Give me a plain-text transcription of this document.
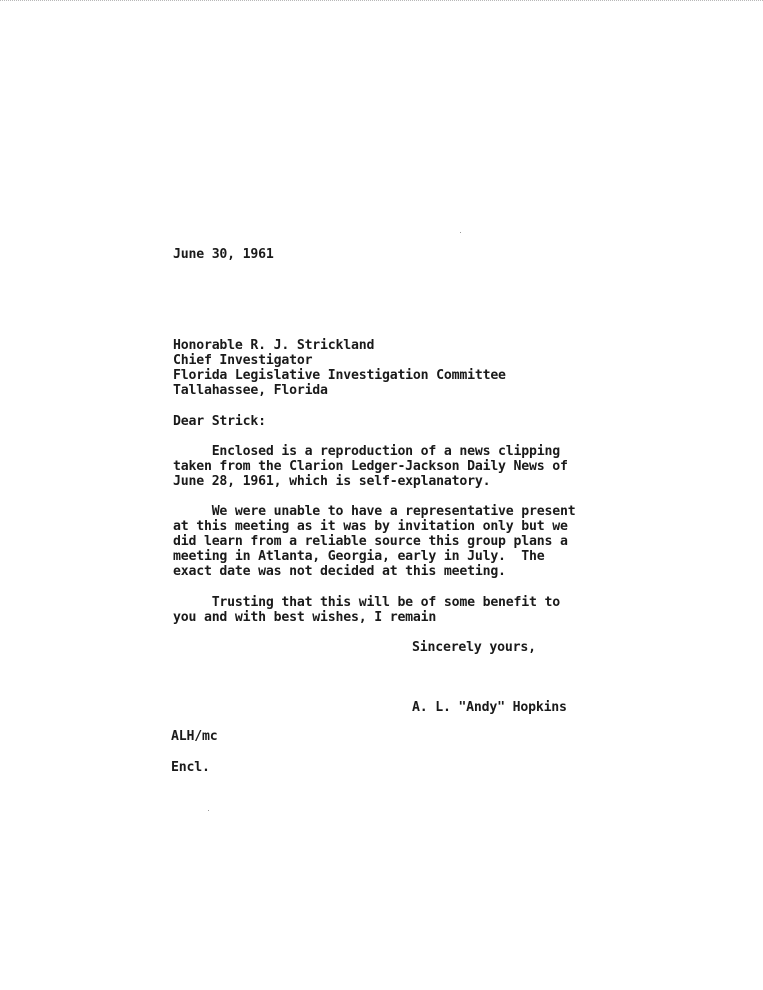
June 30, 1961
Honorable R. J. Strickland
Chief Investigator
Florida Legislative Investigation Committee
Tallahassee, Florida
Dear Strick:
Enclosed is a reproduction of a news clipping
taken from the Clarion Ledger-Jackson Daily News of
June 28, 1961, which is self-explanatory.
We were unable to have a representative present
at this meeting as it was by invitation only but we
did learn from a reliable source this group plans a
meeting in Atlanta, Georgia, early in July.  The
exact date was not decided at this meeting.
Trusting that this will be of some benefit to
you and with best wishes, I remain
Sincerely yours,
A. L. "Andy" Hopkins
ALH/mc
Encl.
